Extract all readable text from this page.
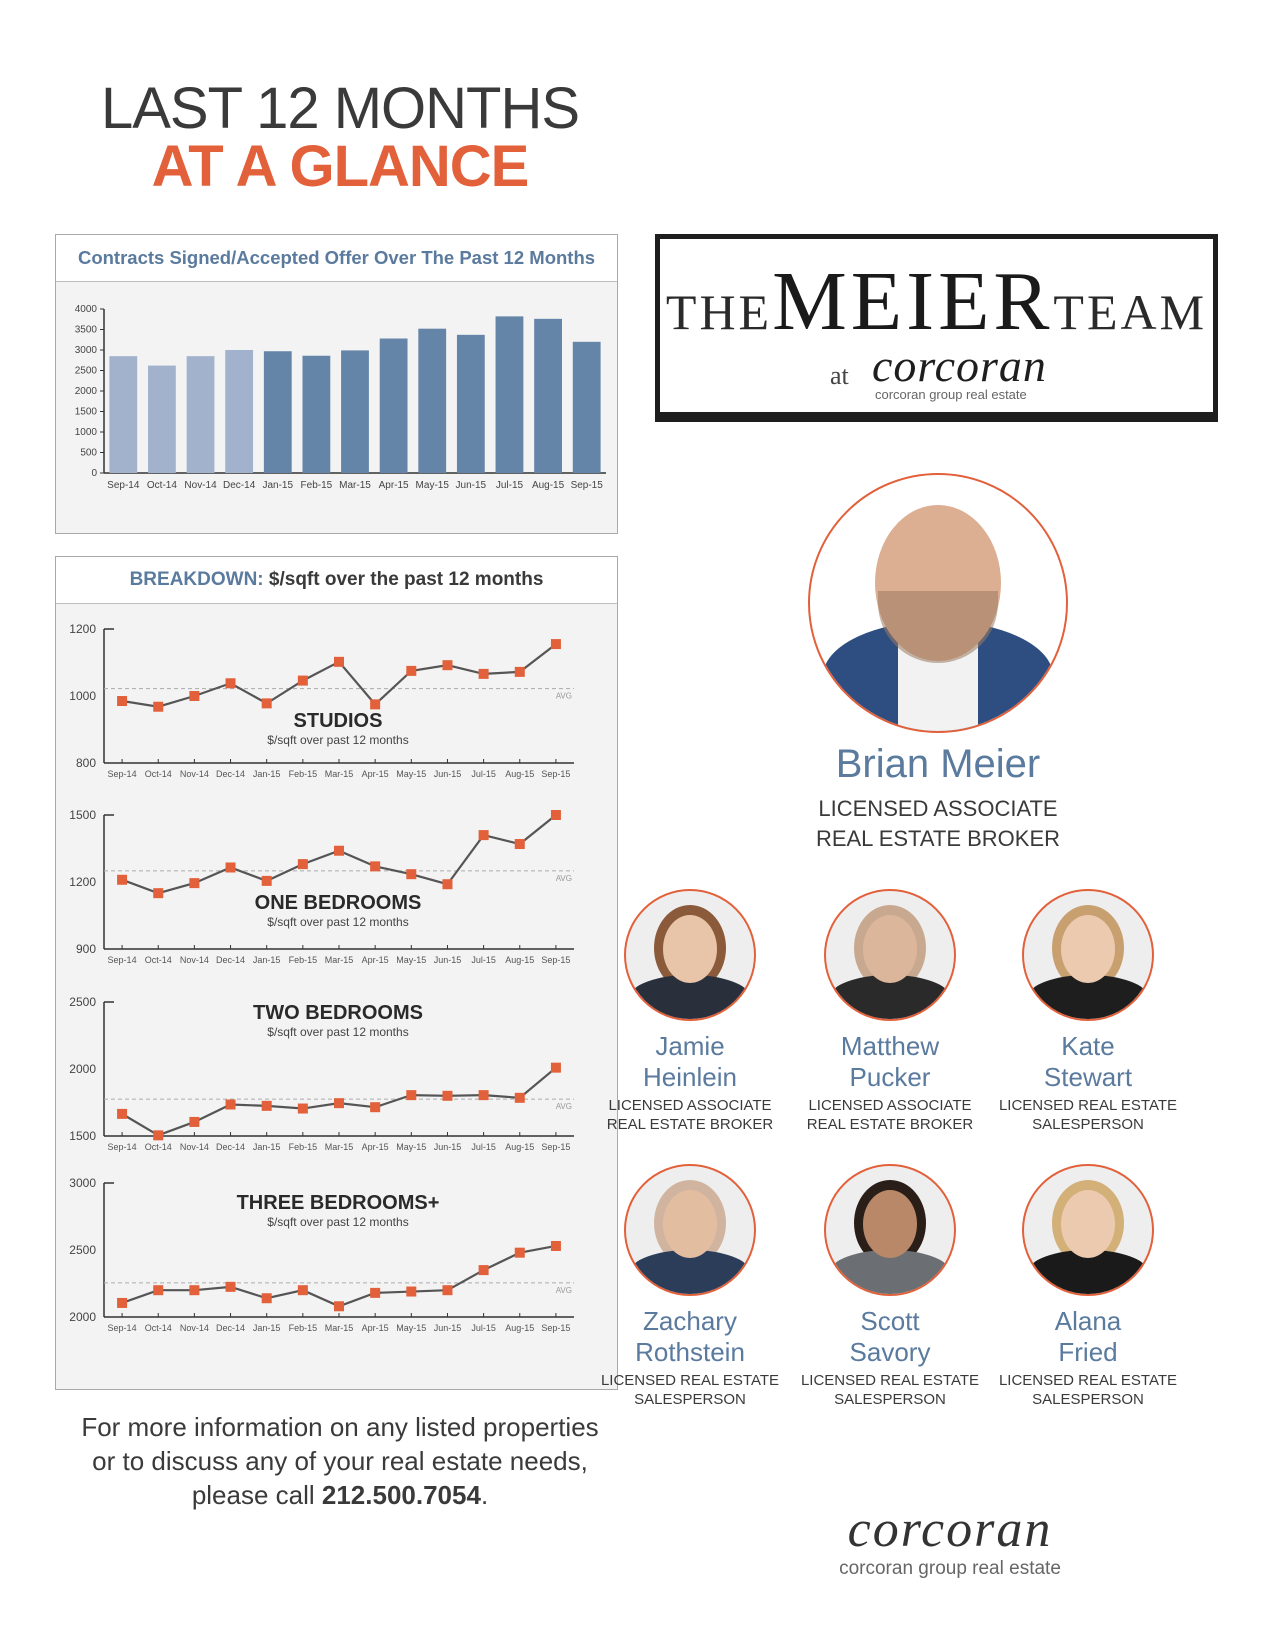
LAST 12 MONTHS
AT A GLANCE
Contracts Signed/Accepted Offer Over The Past 12 Months
0
500
1000
1500
2000
2500
3000
3500
4000
Sep-14 Oct-14 Nov-14 Dec-14 Jan-15 Feb-15 Mar-15 Apr-15 May-15 Jun-15 Jul-15 Aug-15 Sep-15
BREAKDOWN: $/sqft over the past 12 months
800
1000
1200
AVG
STUDIOS
$/sqft over past 12 months
Sep-14 Oct-14 Nov-14 Dec-14 Jan-15 Feb-15 Mar-15 Apr-15 May-15 Jun-15 Jul-15 Aug-15 Sep-15
900
1200
1500
AVG
ONE BEDROOMS
$/sqft over past 12 months
Sep-14 Oct-14 Nov-14 Dec-14 Jan-15 Feb-15 Mar-15 Apr-15 May-15 Jun-15 Jul-15 Aug-15 Sep-15
1500
2000
2500
AVG
TWO BEDROOMS
$/sqft over past 12 months
Sep-14 Oct-14 Nov-14 Dec-14 Jan-15 Feb-15 Mar-15 Apr-15 May-15 Jun-15 Jul-15 Aug-15 Sep-15
2000
2500
3000
AVG
THREE BEDROOMS+
$/sqft over past 12 months
Sep-14 Oct-14 Nov-14 Dec-14 Jan-15 Feb-15 Mar-15 Apr-15 May-15 Jun-15 Jul-15 Aug-15 Sep-15
For more information on any listed properties
or to discuss any of your real estate needs,
please call 212.500.7054.
THEMEIERTEAM
at corcoran
corcoran group real estate
Brian Meier
LICENSED ASSOCIATE
REAL ESTATE BROKER
Jamie
Heinlein
LICENSED ASSOCIATE
REAL ESTATE BROKER
Matthew
Pucker
LICENSED ASSOCIATE
REAL ESTATE BROKER
Kate
Stewart
LICENSED REAL ESTATE
SALESPERSON
Zachary
Rothstein
LICENSED REAL ESTATE
SALESPERSON
Scott
Savory
LICENSED REAL ESTATE
SALESPERSON
Alana
Fried
LICENSED REAL ESTATE
SALESPERSON
corcoran
corcoran group real estate
